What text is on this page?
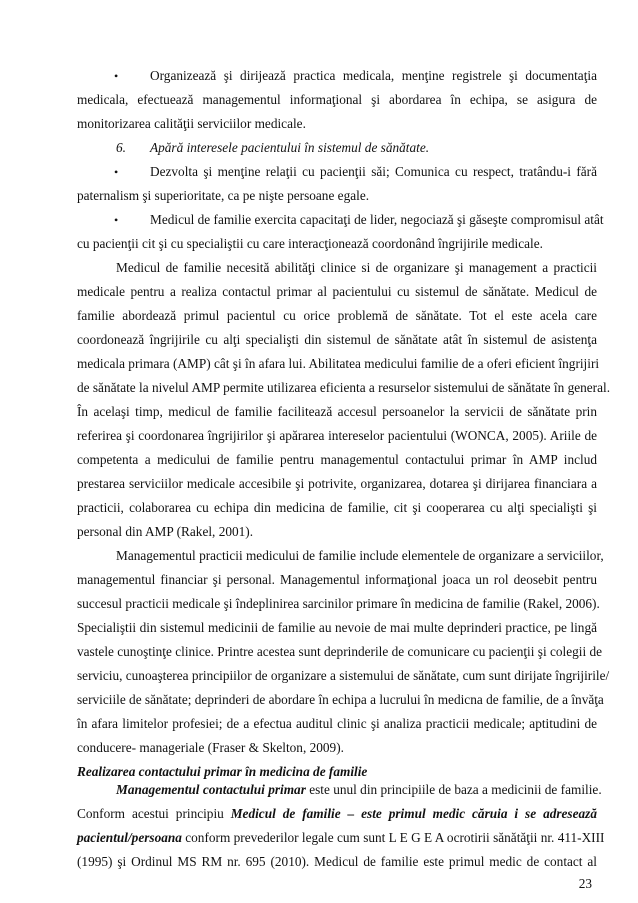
• Organizează şi dirijează practica medicala, menţine registrele şi documentaţia
medicala, efectuează managementul informaţional şi abordarea în echipa, se asigura de
monitorizarea calităţii serviciilor medicale.
6. Apără interesele pacientului în sistemul de sănătate.
• Dezvolta şi menţine relaţii cu pacienţii săi; Comunica cu respect, tratându-i fără
paternalism şi superioritate, ca pe nişte persoane egale.
• Medicul de familie exercita capacitaţi de lider, negociază şi găseşte compromisul atât
cu pacienţii cit şi cu specialiştii cu care interacţionează coordonând îngrijirile medicale.
Medicul de familie necesită abilităţi clinice si de organizare şi management a practicii
medicale pentru a realiza contactul primar al pacientului cu sistemul de sănătate. Medicul de
familie abordează primul pacientul cu orice problemă de sănătate. Tot el este acela care
coordonează îngrijirile cu alţi specialişti din sistemul de sănătate atât în sistemul de asistenţa
medicala primara (AMP) cât şi în afara lui. Abilitatea medicului familie de a oferi eficient îngrijiri
de sănătate la nivelul AMP permite utilizarea eficienta a resurselor sistemului de sănătate în general.
În acelaşi timp, medicul de familie facilitează accesul persoanelor la servicii de sănătate prin
referirea şi coordonarea îngrijirilor şi apărarea intereselor pacientului (WONCA, 2005). Ariile de
competenta a medicului de familie pentru managementul contactului primar în AMP includ
prestarea serviciilor medicale accesibile şi potrivite, organizarea, dotarea şi dirijarea financiara a
practicii, colaborarea cu echipa din medicina de familie, cit şi cooperarea cu alţi specialişti şi
personal din AMP (Rakel, 2001).
Managementul practicii medicului de familie include elementele de organizare a serviciilor,
managementul financiar şi personal. Managementul informaţional joaca un rol deosebit pentru
succesul practicii medicale şi îndeplinirea sarcinilor primare în medicina de familie (Rakel, 2006).
Specialiştii din sistemul medicinii de familie au nevoie de mai multe deprinderi practice, pe lingă
vastele cunoştinţe clinice. Printre acestea sunt deprinderile de comunicare cu pacienţii şi colegii de
serviciu, cunoaşterea principiilor de organizare a sistemului de sănătate, cum sunt dirijate îngrijirile/
serviciile de sănătate; deprinderi de abordare în echipa a lucrului în medicna de familie, de a învăţa
în afara limitelor profesiei; de a efectua auditul clinic şi analiza practicii medicale; aptitudini de
conducere- manageriale (Fraser & Skelton, 2009).
Realizarea contactului primar în medicina de familie
Managementul contactului primar este unul din principiile de baza a medicinii de familie.
Conform acestui principiu Medicul de familie – este primul medic căruia i se adresează
pacientul/persoana conform prevederilor legale cum sunt L E G E A ocrotirii sănătăţii nr. 411-XIII
(1995) şi Ordinul MS RM nr. 695 (2010). Medicul de familie este primul medic de contact al
23
